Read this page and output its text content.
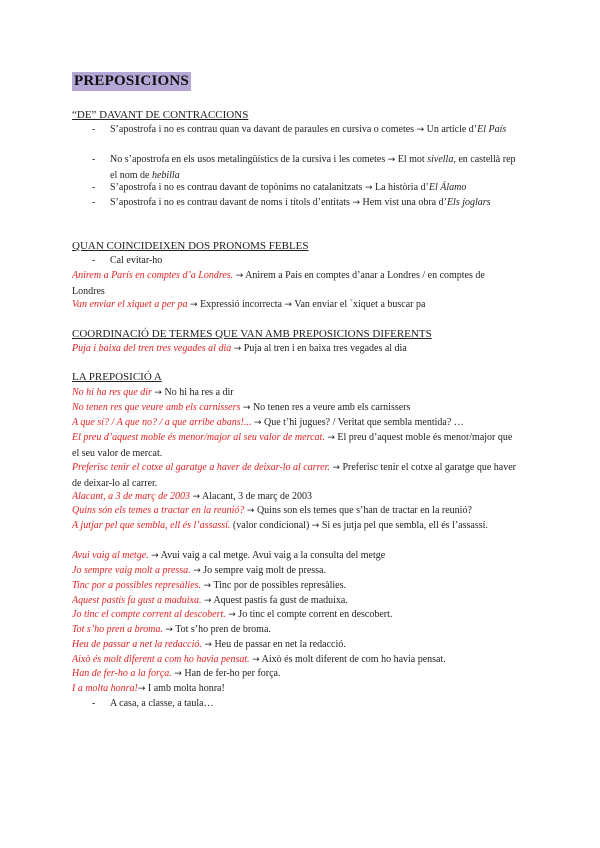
PREPOSICIONS
“DE” DAVANT DE CONTRACCIONS
- S’apostrofa i no es contrau quan va davant de paraules en cursiva o cometes → Un article d’El País
- No s’apostrofa en els usos metalingüístics de la cursiva i les cometes → El mot sivella, en castellà rep el nom de hebilla
- S’apostrofa i no es contrau davant de topònims no catalanitzats → La història d’El Álamo
- S’apostrofa i no es contrau davant de noms i títols d’entitats → Hem vist una obra d’Els joglars
QUAN COINCIDEIXEN DOS PRONOMS FEBLES
- Cal evitar-ho
Anirem a París en comptes d’a Londres. → Anirem a Pais en comptes d’anar a Londres / en comptes de Londres
Van enviar el xiquet a per pa → Expressió incorrecta → Van enviar el `xiquet a buscar pa
COORDINACIÓ DE TERMES QUE VAN AMB PREPOSICIONS DIFERENTS
Puja i baixa del tren tres vegades al dia → Puja al tren i en baixa tres vegades al dia
LA PREPOSICIÓ A
No hi ha res que dir → No hi ha res a dir
No tenen res que veure amb els carnissers → No tenen res a veure amb els carnissers
A que sí? / A que no? / a que arribe abans!... → Que t’hi jugues? / Veritat que sembla mentida? …
El preu d’aquest moble és menor/major al seu valor de mercat. → El preu d’aquest moble és menor/major que el seu valor de mercat.
Preferisc tenir el cotxe al garatge a haver de deixar-lo al carrer. → Preferisc tenir el cotxe al garatge que haver de deixar-lo al carrer.
Alacant, a 3 de març de 2003 → Alacant, 3 de març de 2003
Quins són els temes a tractar en la reunió? → Quins son els temes que s’han de tractar en la reunió?
A jutjar pel que sembla, ell és l’assassí. (valor condicional) → Si es jutja pel que sembla, ell és l’assassí.
Avui vaig al metge. → Avui vaig a cal metge. Avui vaig a la consulta del metge
Jo sempre vaig molt a pressa. → Jo sempre vaig molt de pressa.
Tinc por a possibles represàlies. → Tinc por de possibles represàlies.
Aquest pastís fa gust a maduixa. → Aquest pastís fa gust de maduixa.
Jo tinc el compte corrent al descobert. → Jo tinc el compte corrent en descobert.
Tot s’ho pren a broma. → Tot s’ho pren de broma.
Heu de passar a net la redacció. → Heu de passar en net la redacció.
Això és molt diferent a com ho havia pensat. → Això és molt diferent de com ho havia pensat.
Han de fer-ho a la força. → Han de fer-ho per força.
I a molta honra!→ I amb molta honra!
- A casa, a classe, a taula…
